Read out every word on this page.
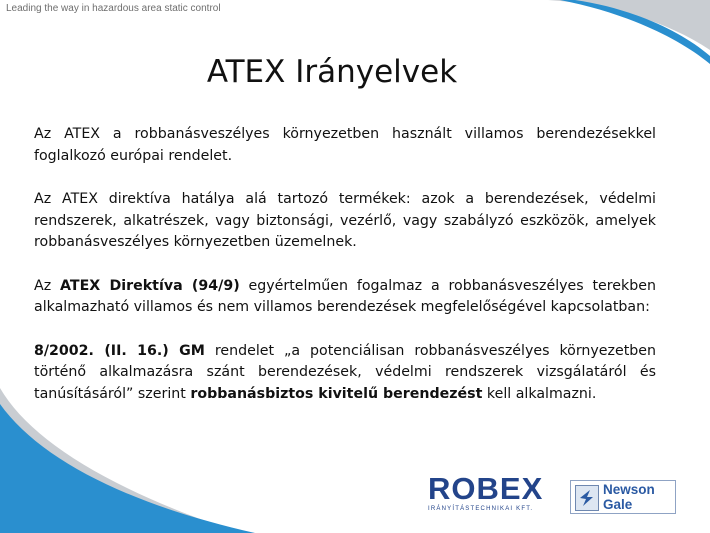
Leading the way in hazardous area static control
ATEX Irányelvek

Az ATEX a robbanásveszélyes környezetben használt villamos berendezésekkel foglalkozó európai rendelet.

Az ATEX direktíva hatálya alá tartozó termékek: azok a berendezések, védelmi rendszerek, alkatrészek, vagy biztonsági, vezérlő, vagy szabályzó eszközök, amelyek robbanásveszélyes környezetben üzemelnek.

Az ATEX Direktíva (94/9) egyértelműen fogalmaz a robbanásveszélyes terekben alkalmazható villamos és nem villamos berendezések megfelelőségével kapcsolatban:

8/2002. (II. 16.) GM rendelet „a potenciálisan robbanásveszélyes környezetben történő alkalmazásra szánt berendezések, védelmi rendszerek vizsgálatáról és tanúsításáról” szerint robbanásbiztos kivitelű berendezést kell alkalmazni.

ROBEX
IRÁNYÍTÁSTECHNIKAI KFT.
Newson
Gale
